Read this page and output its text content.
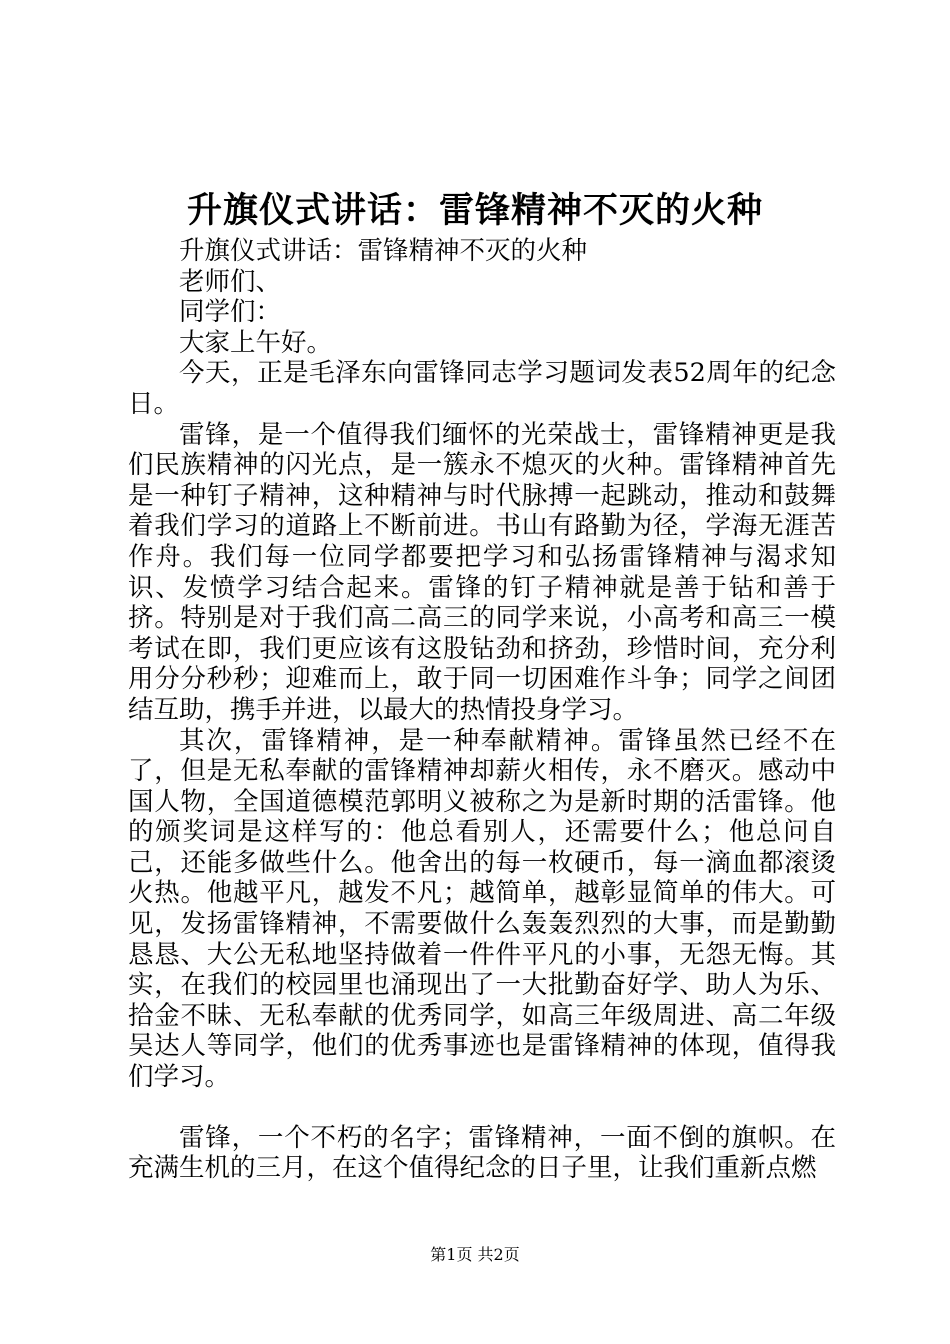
升旗仪式讲话：雷锋精神不灭的火种

升旗仪式讲话：雷锋精神不灭的火种

老师们、

同学们：

大家上午好。

今天，正是毛泽东向雷锋同志学习题词发表52周年的纪念日。

雷锋，是一个值得我们缅怀的光荣战士，雷锋精神更是我们民族精神的闪光点，是一簇永不熄灭的火种。雷锋精神首先是一种钉子精神，这种精神与时代脉搏一起跳动，推动和鼓舞着我们学习的道路上不断前进。书山有路勤为径，学海无涯苦作舟。我们每一位同学都要把学习和弘扬雷锋精神与渴求知识、发愤学习结合起来。雷锋的钉子精神就是善于钻和善于挤。特别是对于我们高二高三的同学来说，小高考和高三一模考试在即，我们更应该有这股钻劲和挤劲，珍惜时间，充分利用分分秒秒；迎难而上，敢于同一切困难作斗争；同学之间团结互助，携手并进，以最大的热情投身学习。

其次，雷锋精神，是一种奉献精神。雷锋虽然已经不在了，但是无私奉献的雷锋精神却薪火相传，永不磨灭。感动中国人物，全国道德模范郭明义被称之为是新时期的活雷锋。他的颁奖词是这样写的：他总看别人，还需要什么；他总问自己，还能多做些什么。他舍出的每一枚硬币，每一滴血都滚烫火热。他越平凡，越发不凡；越简单，越彰显简单的伟大。可见，发扬雷锋精神，不需要做什么轰轰烈烈的大事，而是勤勤恳恳、大公无私地坚持做着一件件平凡的小事，无怨无悔。其实，在我们的校园里也涌现出了一大批勤奋好学、助人为乐、拾金不昧、无私奉献的优秀同学，如高三年级周进、高二年级吴达人等同学，他们的优秀事迹也是雷锋精神的体现，值得我们学习。

雷锋，一个不朽的名字；雷锋精神，一面不倒的旗帜。在充满生机的三月，在这个值得纪念的日子里，让我们重新点燃

第1页 共2页
